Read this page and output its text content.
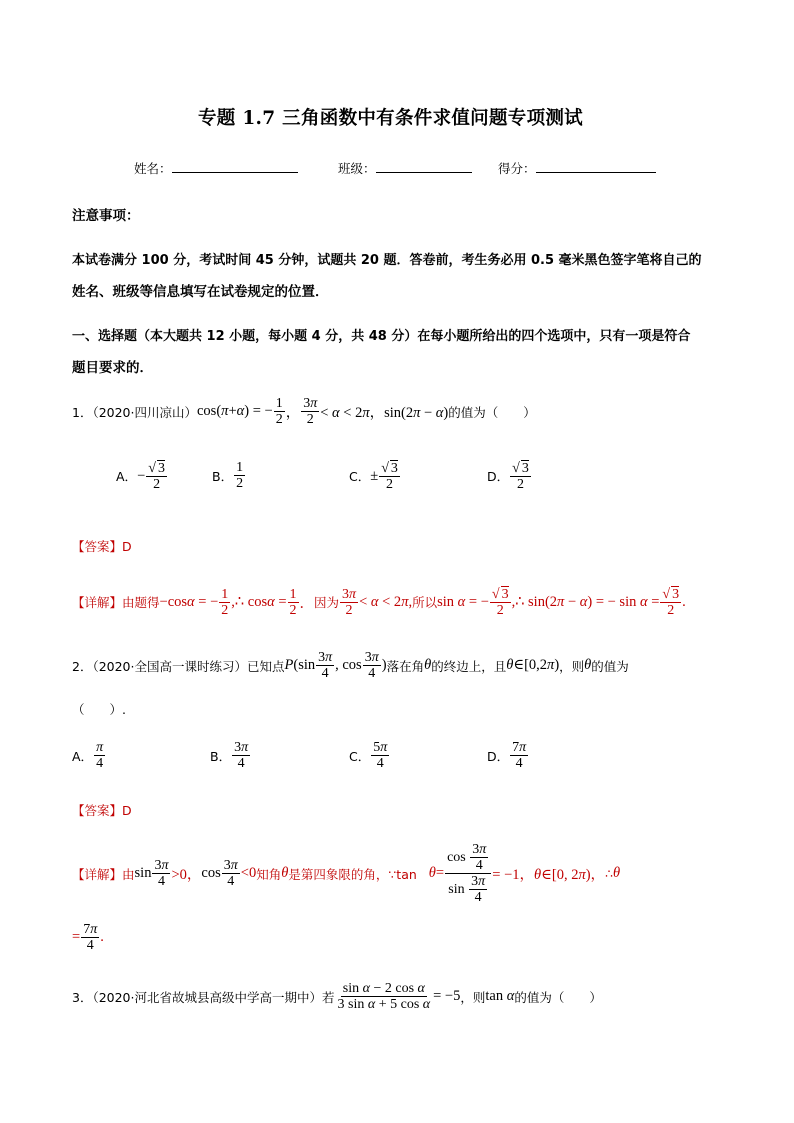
专题 1.7 三角函数中有条件求值问题专项测试
姓名：	班级：	得分：
注意事项：
本试卷满分 100 分，考试时间 45 分钟，试题共 20 题．答卷前，考生务必用 0.5 毫米黑色签字笔将自己的
姓名、班级等信息填写在试卷规定的位置．
一、选择题（本大题共 12 小题，每小题 4 分，共 48 分）在每小题所给出的四个选项中，只有一项是符合
题目要求的．
1．（2020·四川凉山） cos(π+α) = − $\frac{1}{2}$ ， $\frac{3\pi}{2} < \alpha < 2\pi$，sin(2π − α) 的值为（　　）
A． − $\frac{√ 3}{2}$	B． $\frac{1}{2}$	C． ± $\frac{√ 3}{2}$	D． $\frac{√ 3}{2}$
【答案】D
【详解】 由题得 −cosα = − $\frac{1}{2}$ ,∴ $\cos\alpha = \frac{1}{2}$ ． 因为 $\frac{3\pi}{2} < \alpha < 2\pi$, 所以 sin α = − $\frac{√ 3}{2}$ ,∴ sin(2π − α) = − $\sin \alpha = \frac{√ 3}{2}$ .
2．（2020·全国高一课时练习）已知点 $P(\sin \frac{3\pi}{4}$ , $\cos \frac{3\pi}{4}$ ) 落在角 θ 的终边上，且 θ∈[0,2π) ，则 θ 的值为
（　　）.
A． $\frac{\pi}{4}$	B． $\frac{3\pi}{4}$	C． $\frac{5\pi}{4}$	D． $\frac{7\pi}{4}$
【答案】D
【详解】 由 $\sin \frac{3\pi}{4} >0$， $\cos \frac{3\pi}{4} <0$ 知角 θ 是第四象限的角，∵tan $\theta = \frac{\cos \frac{3\pi}{4}}{\sin \frac{3\pi}{4}} = -1$，θ∈[0, 2π)， ∴ θ
= $\frac{7\pi}{4}$ .
3．（2020·河北省故城县高级中学高一期中）若 $\frac{\text{sin α − 2 cos α}}{\text{3 sin α + 5 cos α}} = -5$ ，则 tan α 的值为（　　）
